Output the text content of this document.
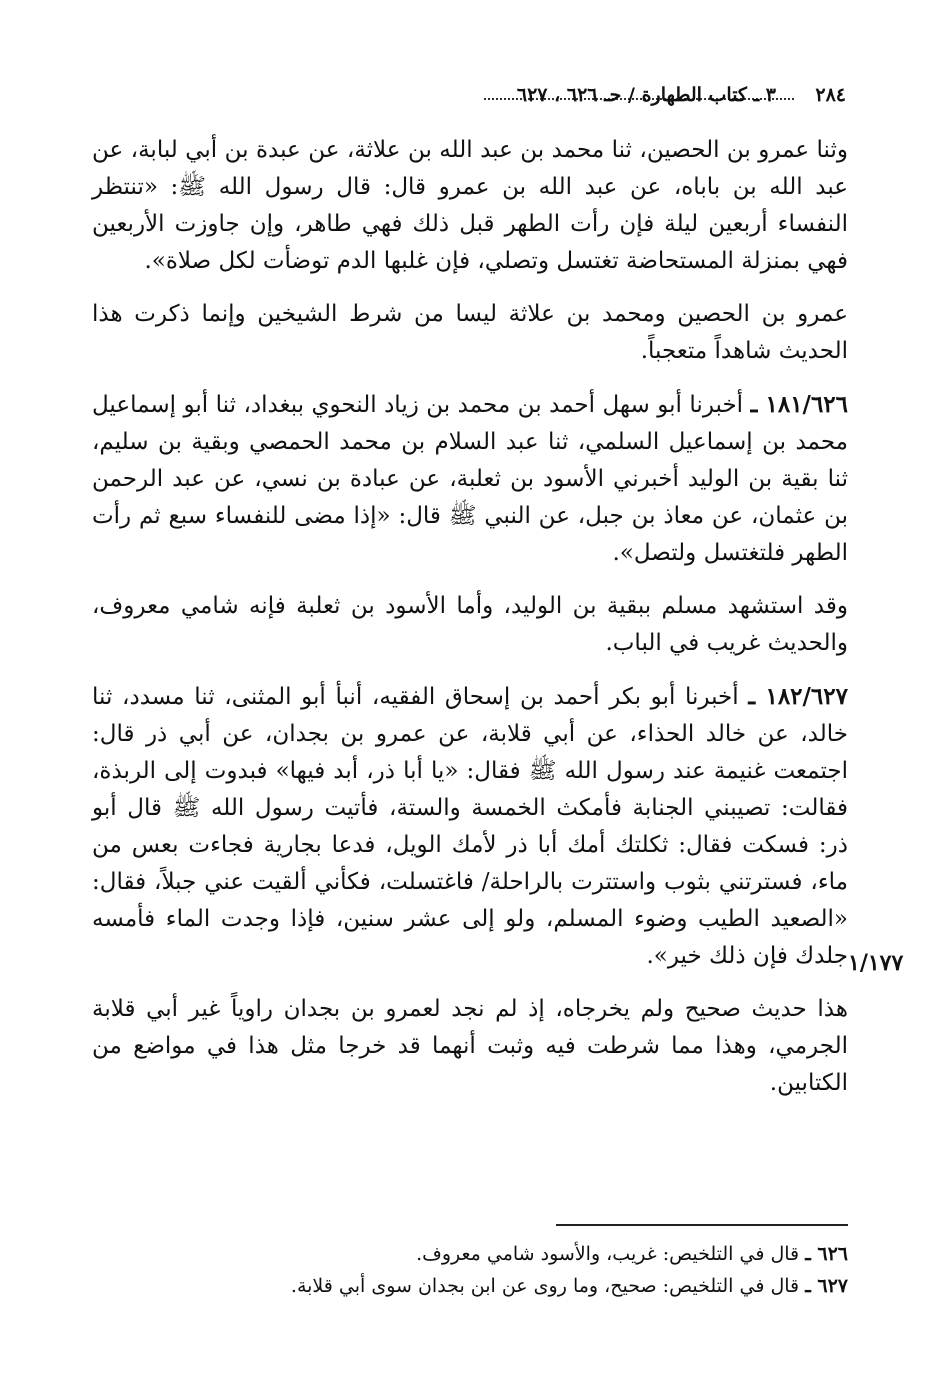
٢٨٤
٣ ـ كتاب الطهارة / حـ ٦٢٦ ، ٦٢٧

وثنا عمرو بن الحصين، ثنا محمد بن عبد الله بن علاثة، عن عبدة بن أبي لبابة، عن عبد الله بن باباه، عن عبد الله بن عمرو قال: قال رسول الله ﷺ: «تنتظر النفساء أربعين ليلة فإن رأت الطهر قبل ذلك فهي طاهر، وإن جاوزت الأربعين فهي بمنزلة المستحاضة تغتسل وتصلي، فإن غلبها الدم توضأت لكل صلاة».

عمرو بن الحصين ومحمد بن علاثة ليسا من شرط الشيخين وإنما ذكرت هذا الحديث شاهداً متعجباً.

١٨١/٦٢٦ ـ أخبرنا أبو سهل أحمد بن محمد بن زياد النحوي ببغداد، ثنا أبو إسماعيل محمد بن إسماعيل السلمي، ثنا عبد السلام بن محمد الحمصي وبقية بن سليم، ثنا بقية بن الوليد أخبرني الأسود بن ثعلبة، عن عبادة بن نسي، عن عبد الرحمن بن عثمان، عن معاذ بن جبل، عن النبي ﷺ قال: «إذا مضى للنفساء سبع ثم رأت الطهر فلتغتسل ولتصل».

وقد استشهد مسلم ببقية بن الوليد، وأما الأسود بن ثعلبة فإنه شامي معروف، والحديث غريب في الباب.

١٨٢/٦٢٧ ـ أخبرنا أبو بكر أحمد بن إسحاق الفقيه، أنبأ أبو المثنى، ثنا مسدد، ثنا خالد، عن خالد الحذاء، عن أبي قلابة، عن عمرو بن بجدان، عن أبي ذر قال: اجتمعت غنيمة عند رسول الله ﷺ فقال: «يا أبا ذر، أبد فيها» فبدوت إلى الربذة، فقالت: تصيبني الجنابة فأمكث الخمسة والستة، فأتيت رسول الله ﷺ قال أبو ذر: فسكت فقال: ثكلتك أمك أبا ذر لأمك الويل، فدعا بجارية فجاءت بعس من ماء، فسترتني بثوب واستترت بالراحلة/ فاغتسلت، فكأني ألقيت عني جبلاً، فقال: «الصعيد الطيب وضوء المسلم، ولو إلى عشر سنين، فإذا وجدت الماء فأمسه جلدك فإن ذلك خير».

هذا حديث صحيح ولم يخرجاه، إذ لم نجد لعمرو بن بجدان راوياً غير أبي قلابة الجرمي، وهذا مما شرطت فيه وثبت أنهما قد خرجا مثل هذا في مواضع من الكتابين.

١/١٧٧

٦٢٦ ـ قال في التلخيص: غريب، والأسود شامي معروف.

٦٢٧ ـ قال في التلخيص: صحيح، وما روى عن ابن بجدان سوى أبي قلابة.
